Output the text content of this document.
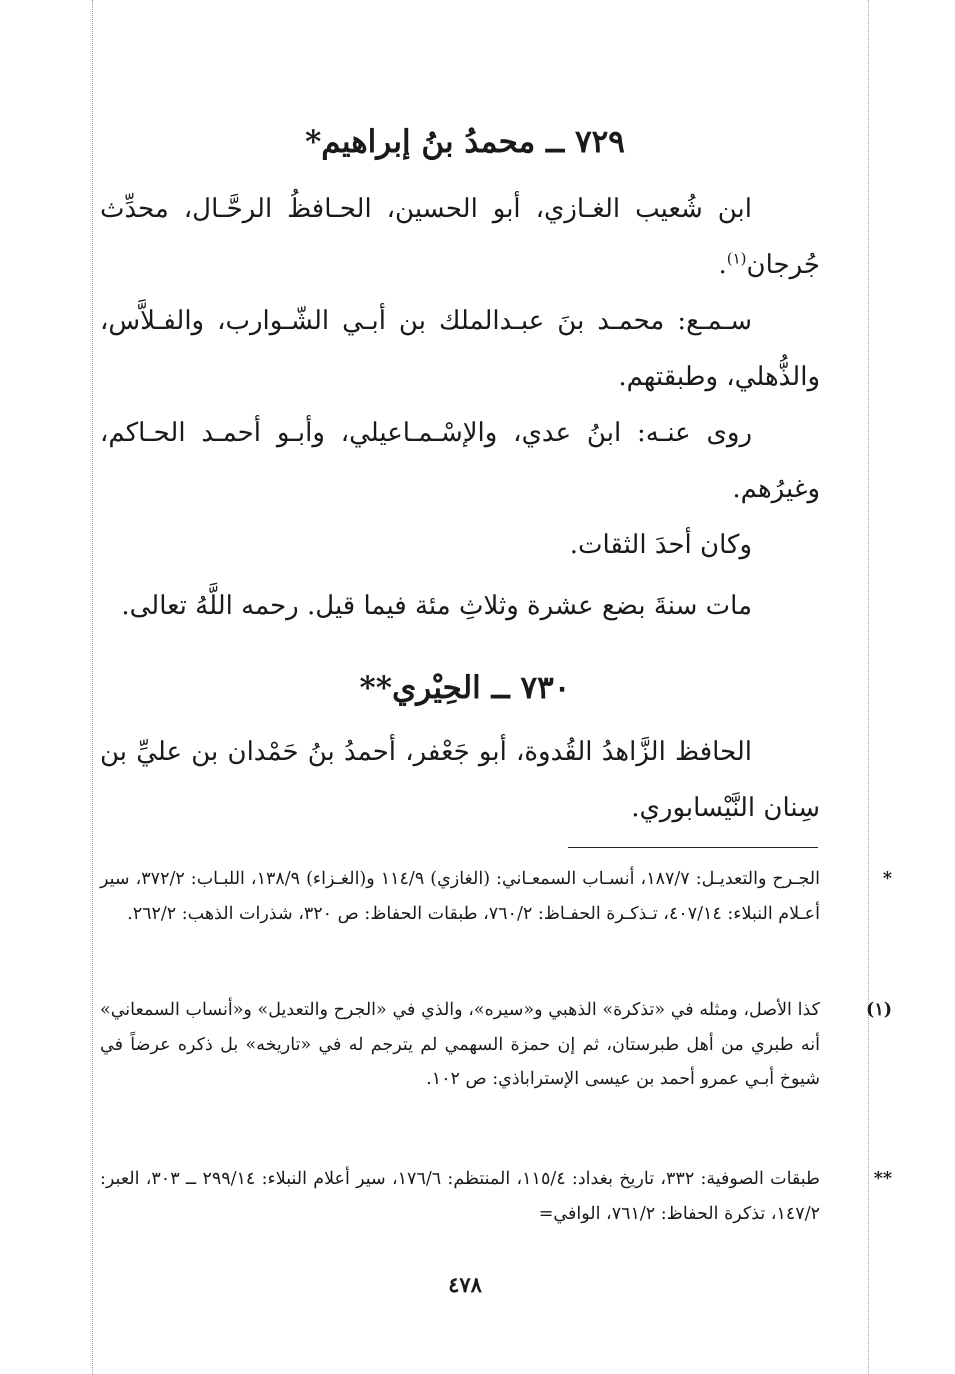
٧٢٩ ــ محمدُ بنُ إبراهيم*

ابن شُعيب الغـازي، أبو الحسين، الحـافظُ الرحَّـال، محدِّث جُرجان$^{(١)}$.

سـمـع: محمـد بنَ عبـدالملك بن أبـي الشّـوارب، والفـلاَّس، والذُّهلي، وطبقتهم.

روى عنـه: ابنُ عدي، والإسْـمـاعيلي، وأبـو أحمـد الحـاكم، وغيرُهم.

وكان أحدَ الثقات.

مات سنةَ بضع عشرة وثلاثِ مئة فيما قيل. رحمه اللَّهُ تعالى.

٧٣٠ ــ الحِيْري**

الحافظ الزَّاهدُ القُدوة، أبو جَعْفر، أحمدُ بنُ حَمْدان بن عليِّ بن سِنان النَّيْسابوري.

*الجـرح والتعديـل: ١٨٧/٧، أنسـاب السمعـاني: (الغازي) ١١٤/٩ و(الغـزاء) ١٣٨/٩، اللبـاب: ٣٧٢/٢، سير أعـلام النبلاء: ٤٠٧/١٤، تـذكـرة الحفـاظ: ٧٦٠/٢، طبقات الحفاظ: ص ٣٢٠، شذرات الذهب: ٢٦٢/٢.
(١)كذا الأصل، ومثله في «تذكرة» الذهبي و«سيره»، والذي في «الجرح والتعديل» و«أنساب السمعاني» أنه طبري من أهل طبرستان، ثم إن حمزة السهمي لم يترجم له في «تاريخه» بل ذكره عرضاً في شيوخ أبـي عمرو أحمد بن عيسى الإستراباذي: ص ١٠٢.
**طبقات الصوفية: ٣٣٢، تاريخ بغداد: ١١٥/٤، المنتظم: ١٧٦/٦، سير أعلام النبلاء: ٢٩٩/١٤ ــ ٣٠٣، العبر: ١٤٧/٢، تذكرة الحفاظ: ٧٦١/٢، الوافي=
٤٧٨
